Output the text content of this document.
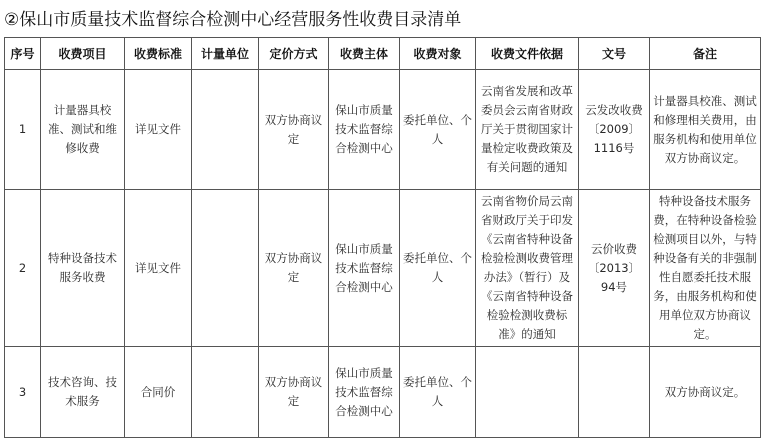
②保山市质量技术监督综合检测中心经营服务性收费目录清单
序号	收费项目	收费标准	计量单位	定价方式	收费主体	收费对象	收费文件依据	文号	备注
1	计量器具校准、测试和维修收费	详见文件		双方协商议定	保山市质量技术监督综合检测中心	委托单位、个人	云南省发展和改革委员会云南省财政厅关于贯彻国家计量检定收费政策及有关问题的通知	云发改收费〔2009〕1116号	计量器具校准、测试和修理相关费用，由服务机构和使用单位双方协商议定。
2	特种设备技术服务收费	详见文件		双方协商议定	保山市质量技术监督综合检测中心	委托单位、个人	云南省物价局云南省财政厅关于印发《云南省特种设备检验检测收费管理办法》（暂行）及《云南省特种设备检验检测收费标准》的通知	云价收费〔2013〕94号	特种设备技术服务费，在特种设备检验检测项目以外，与特种设备有关的非强制性自愿委托技术服务，由服务机构和使用单位双方协商议定。
3	技术咨询、技术服务	合同价		双方协商议定	保山市质量技术监督综合检测中心	委托单位、个人			双方协商议定。
